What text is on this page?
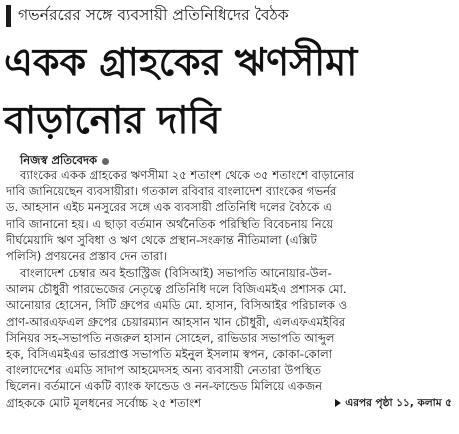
গভর্নররের সঙ্গে ব্যবসায়ী প্রতিনিধিদের বৈঠক
একক গ্রাহকের ঋণসীমা
বাড়ানোর দাবি
নিজস্ব প্রতিবেদক
ব্যাংকের একক গ্রাহকের ঋণসীমা ২৫ শতাংশ থেকে ৩৫ শতাংশে বাড়ানোর
দাবি জানিয়েছেন ব্যবসায়ীরা। গতকাল রবিবার বাংলাদেশ ব্যাংকের গভর্নর
ড. আহসান এইচ মনসুরের সঙ্গে এক ব্যবসায়ী প্রতিনিধি দলের বৈঠকে এ
দাবি জানানো হয়। এ ছাড়া বর্তমান অর্থনৈতিক পরিস্থিতি বিবেচনায় নিয়ে
দীর্ঘমেয়াদি ঋণ সুবিধা ও ঋণ থেকে প্রস্থান-সংক্রান্ত নীতিমালা (এক্সিট
পলিসি) প্রণয়নের প্রস্তাব দেন তারা।
বাংলাদেশ চেম্বার অব ইন্ডাস্ট্রিজ (বিসিআই) সভাপতি আনোয়ার-উল-
আলম চৌধুরী পারভেজের নেতৃত্বে প্রতিনিধি দলে বিজিএমইএ প্রশাসক মো.
আনোয়ার হোসেন, সিটি গ্রুপের এমডি মো. হাসান, বিসিআইর পরিচালক ও
প্রাণ-আরএফএল গ্রুপের চেয়ারম্যান আহসান খান চৌধুরী, এলএফএমইবির
সিনিয়র সহ-সভাপতি নজরুল হাসান সোহেল, রাভিডার সভাপতি আব্দুল
হক, বিসিএমইএর ভারপ্রাপ্ত সভাপতি মইনুল ইসলাম স্বপন, কোকা-কোলা
বাংলাদেশের এমডি সাদাপ আহমেদসহ অন্য ব্যবসায়ী নেতারা উপস্থিত
ছিলেন। বর্তমানে একটি ব্যাংক ফান্ডেড ও নন-ফান্ডেড মিলিয়ে একজন
গ্রাহককে মোট মূলধনের সর্বোচ্চ ২৫ শতাংশ	এরপর পৃষ্ঠা ১১, কলাম ৫
